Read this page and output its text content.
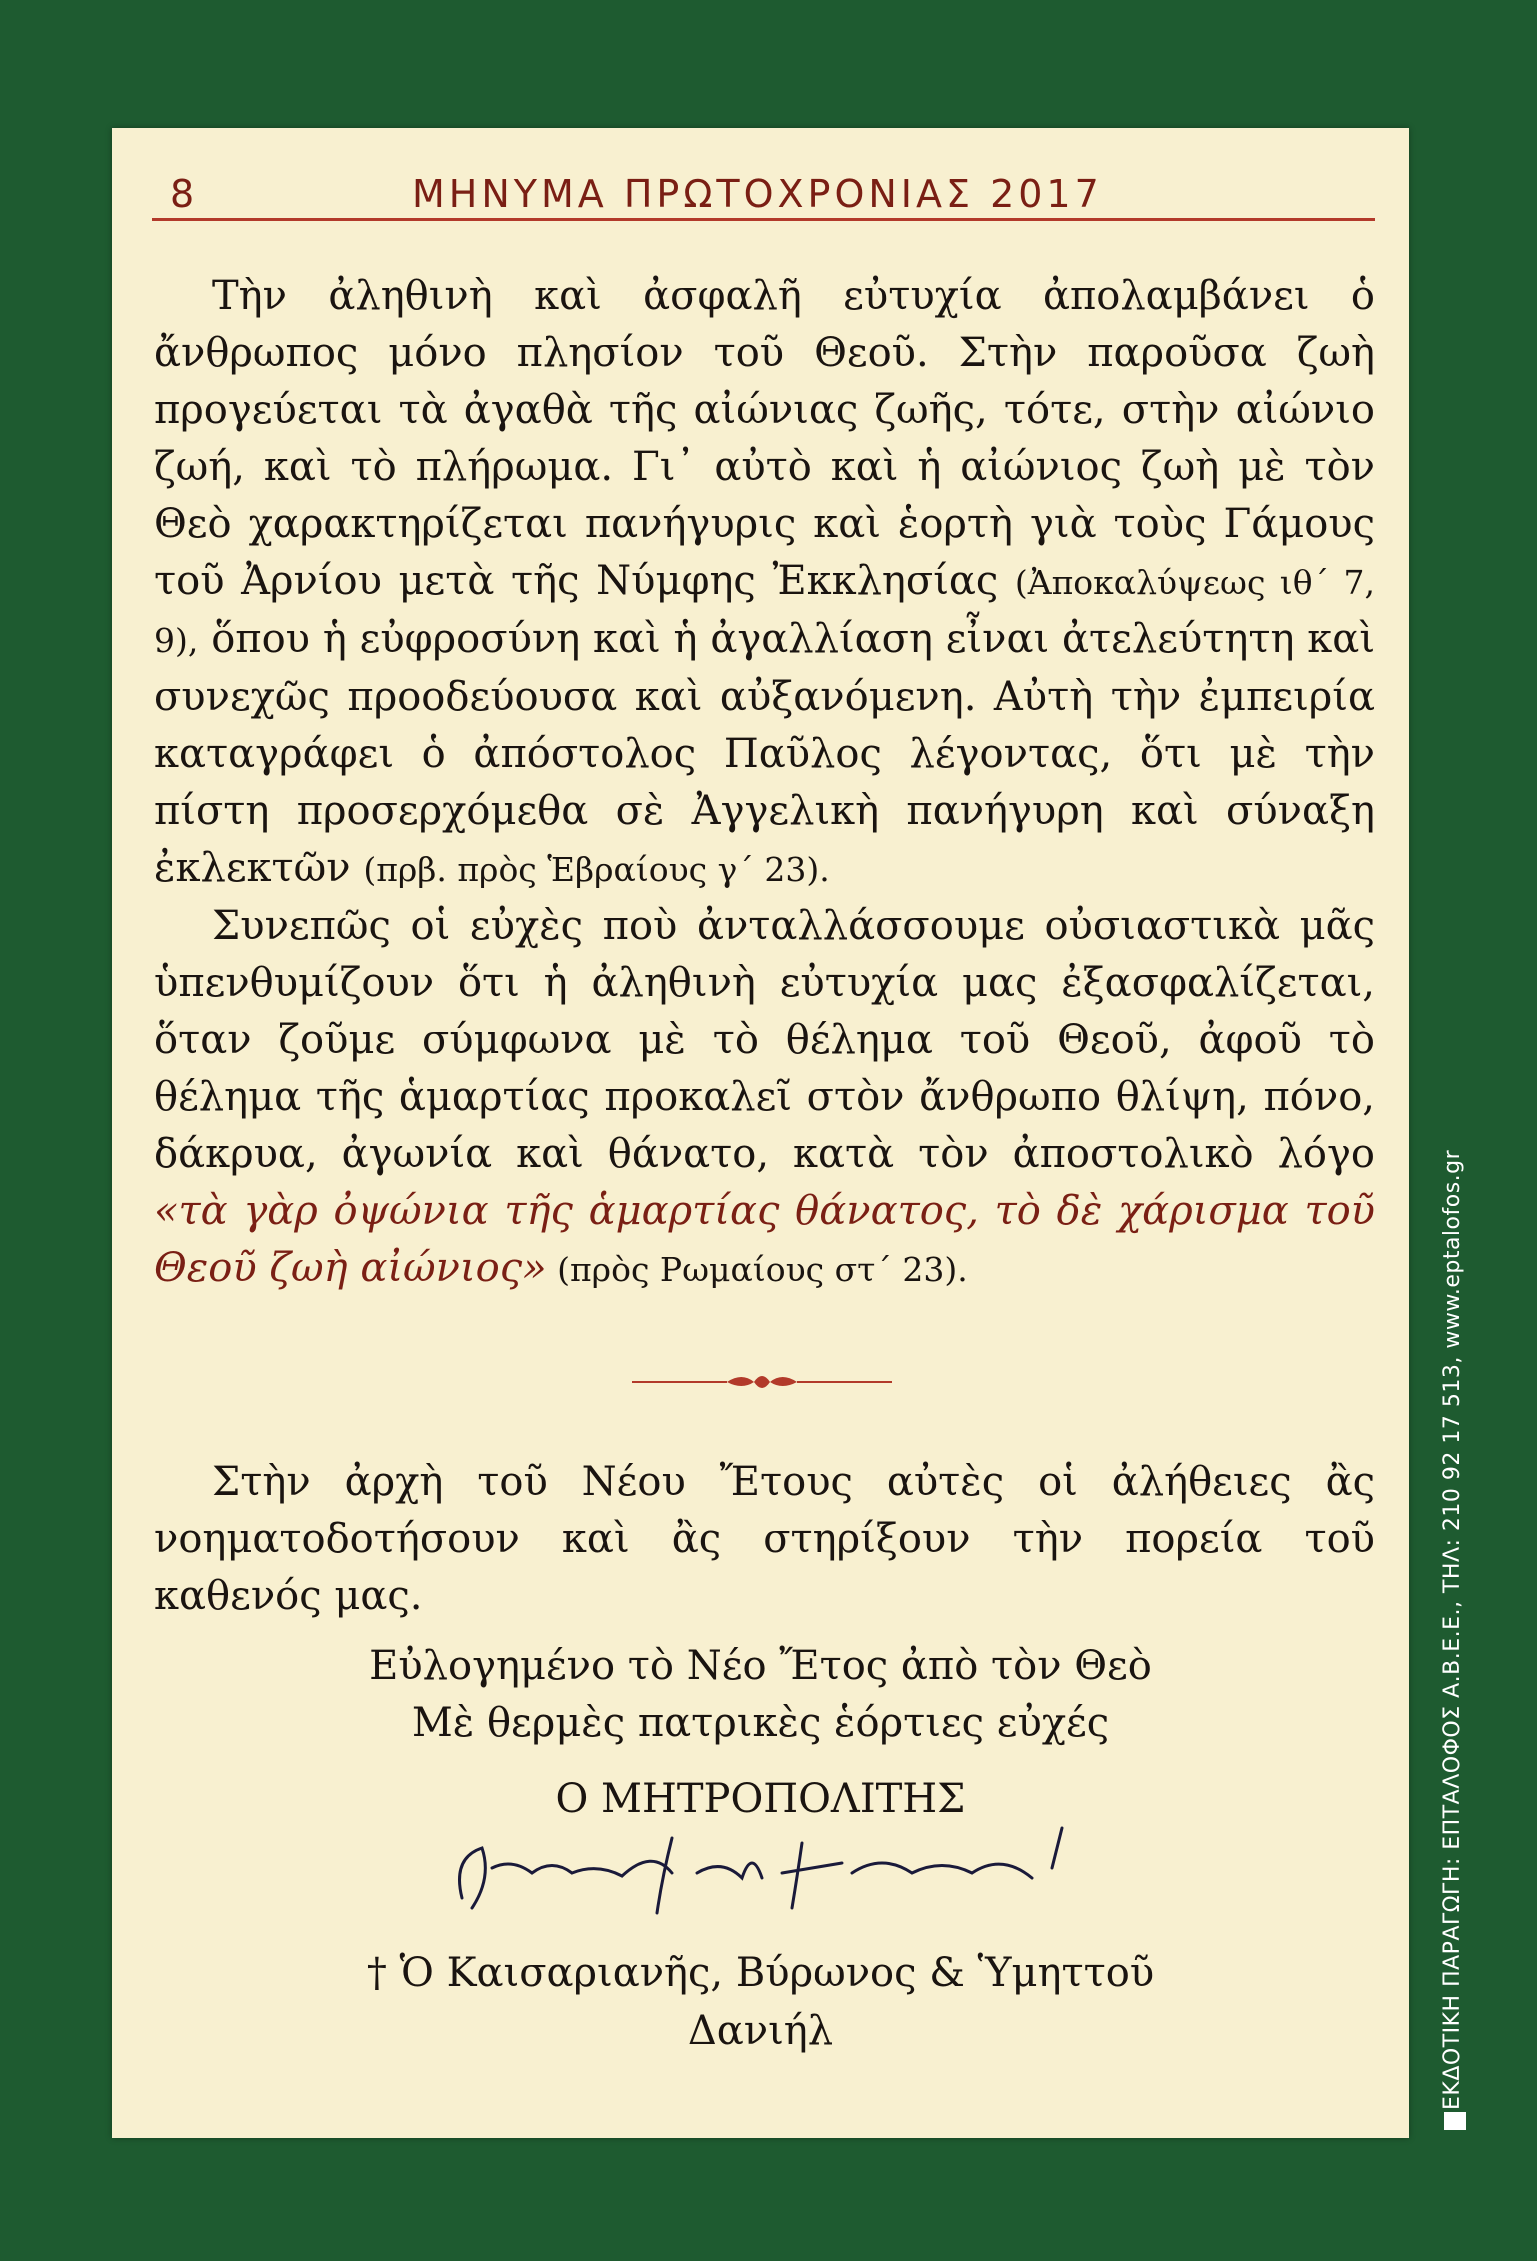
8	ΜΗΝΥΜΑ ΠΡΩΤΟΧΡΟΝΙΑΣ 2017

Τὴν ἀληθινὴ καὶ ἀσφαλῆ εὐτυχία ἀπολαμβάνει ὁ ἄνθρωπος μόνο πλησίον τοῦ Θεοῦ. Στὴν παροῦσα ζωὴ προγεύεται τὰ ἀγαθὰ τῆς αἰώνιας ζωῆς, τότε, στὴν αἰώνιο ζωή, καὶ τὸ πλήρωμα. Γι᾽ αὐτὸ καὶ ἡ αἰώνιος ζωὴ μὲ τὸν Θεὸ χαρακτηρίζεται πανήγυρις καὶ ἑορτὴ γιὰ τοὺς Γάμους τοῦ Ἀρνίου μετὰ τῆς Νύμφης Ἐκκλησίας (Ἀποκαλύψεως ιθ΄ 7, 9), ὅπου ἡ εὐφροσύνη καὶ ἡ ἀγαλλίαση εἶναι ἀτελεύτητη καὶ συνεχῶς προοδεύουσα καὶ αὐξανόμενη. Αὐτὴ τὴν ἐμπειρία καταγράφει ὁ ἀπόστολος Παῦλος λέγοντας, ὅτι μὲ τὴν πίστη προσερχόμεθα σὲ Ἀγγελικὴ πανήγυρη καὶ σύναξη ἐκλεκτῶν (πρβ. πρὸς Ἑβραίους γ΄ 23).

Συνεπῶς οἱ εὐχὲς ποὺ ἀνταλλάσσουμε οὐσιαστικὰ μᾶς ὑπενθυμίζουν ὅτι ἡ ἀληθινὴ εὐτυχία μας ἐξασφαλίζεται, ὅταν ζοῦμε σύμφωνα μὲ τὸ θέλημα τοῦ Θεοῦ, ἀφοῦ τὸ θέλημα τῆς ἁμαρτίας προκαλεῖ στὸν ἄνθρωπο θλίψη, πόνο, δάκρυα, ἀγωνία καὶ θάνατο, κατὰ τὸν ἀποστολικὸ λόγο «τὰ γὰρ ὀψώνια τῆς ἁμαρτίας θάνατος, τὸ δὲ χάρισμα τοῦ Θεοῦ ζωὴ αἰώνιος» (πρὸς Ρωμαίους στ΄ 23).

Στὴν ἀρχὴ τοῦ Νέου Ἔτους αὐτὲς οἱ ἀλήθειες ἂς νοηματοδοτήσουν καὶ ἂς στηρίξουν τὴν πορεία τοῦ καθενός μας.

Εὐλογημένο τὸ Νέο Ἔτος ἀπὸ τὸν Θεὸ
Μὲ θερμὲς πατρικὲς ἑόρτιες εὐχές
Ο ΜΗΤΡΟΠΟΛΙΤΗΣ
† Ὁ Καισαριανῆς, Βύρωνος & Ὑμηττοῦ
Δανιήλ	ΕΚΔΟΤΙΚΗ ΠΑΡΑΓΩΓΗ: ΕΠΤΑΛΟΦΟΣ Α.Β.Ε.Ε., ΤΗΛ: 210 92 17 513, www.eptalofos.gr
